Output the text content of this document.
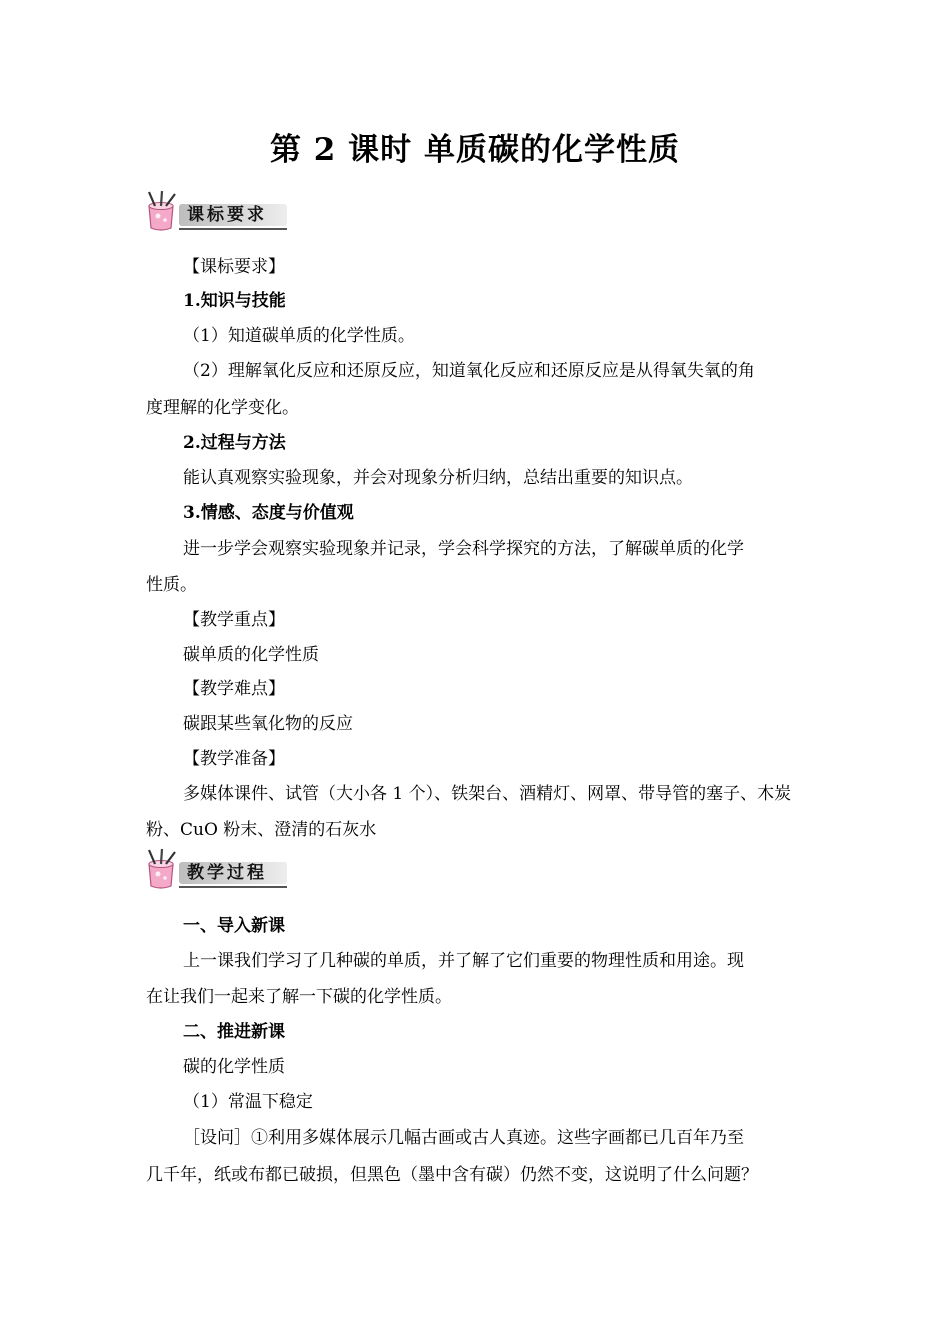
第 2 课时 单质碳的化学性质
课标要求
【课标要求】
1.知识与技能
（1）知道碳单质的化学性质。
（2）理解氧化反应和还原反应，知道氧化反应和还原反应是从得氧失氧的角
度理解的化学变化。
2.过程与方法
能认真观察实验现象，并会对现象分析归纳，总结出重要的知识点。
3.情感、态度与价值观
进一步学会观察实验现象并记录，学会科学探究的方法，了解碳单质的化学
性质。
【教学重点】
碳单质的化学性质
【教学难点】
碳跟某些氧化物的反应
【教学准备】
多媒体课件、试管（大小各 1 个）、铁架台、酒精灯、网罩、带导管的塞子、木炭
粉、CuO 粉末、澄清的石灰水
教学过程
一、导入新课
上一课我们学习了几种碳的单质，并了解了它们重要的物理性质和用途。现
在让我们一起来了解一下碳的化学性质。
二、推进新课
碳的化学性质
（1）常温下稳定
［设问］①利用多媒体展示几幅古画或古人真迹。这些字画都已几百年乃至
几千年，纸或布都已破损，但黑色（墨中含有碳）仍然不变，这说明了什么问题？
